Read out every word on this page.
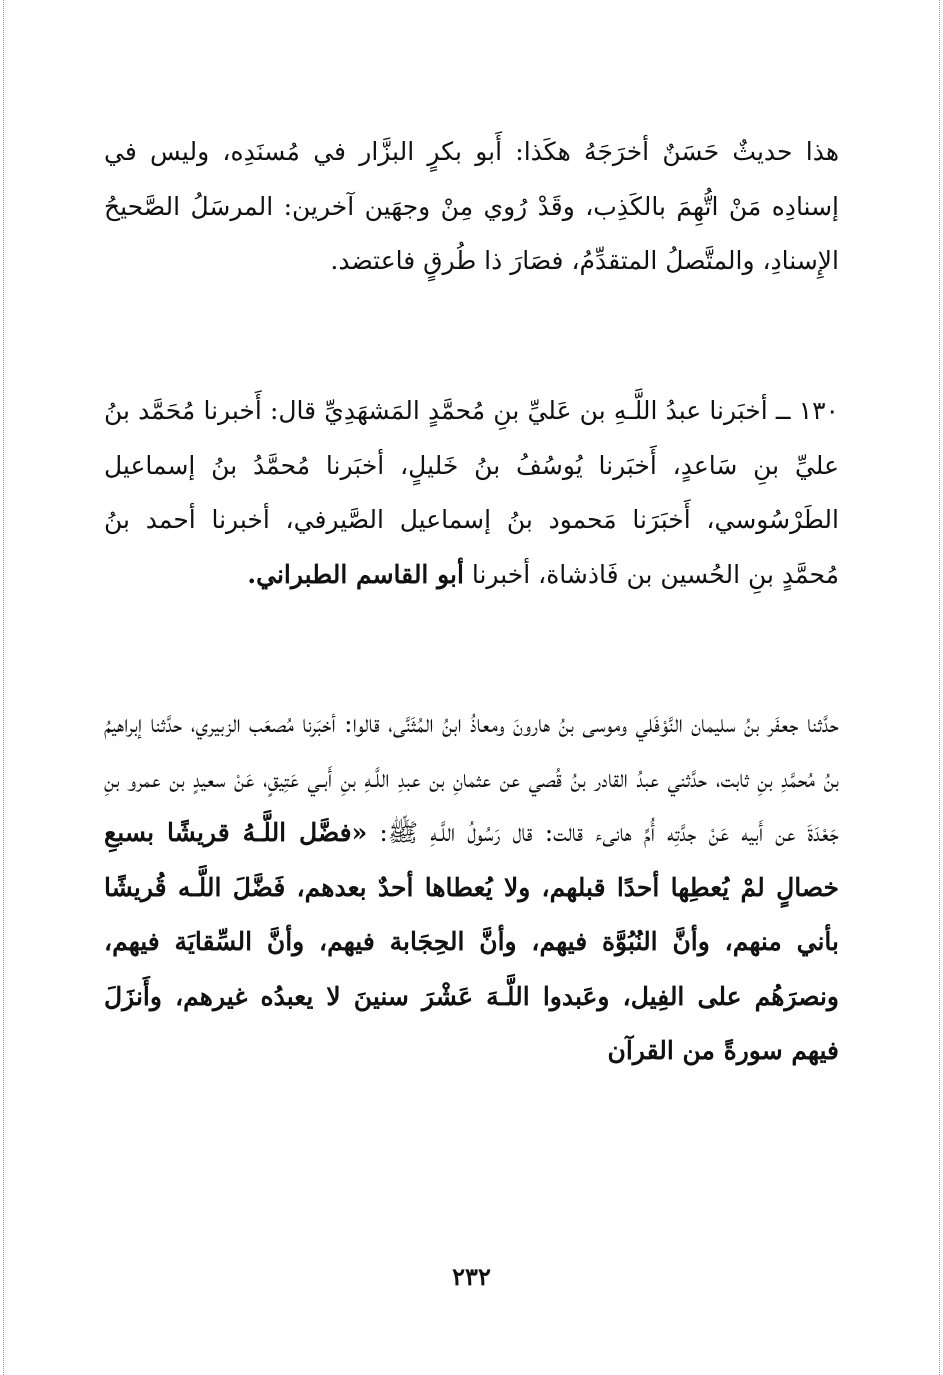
هذا حديثٌ حَسَنٌ أخرَجَهُ هكَذا: أَبو بكرٍ البزَّار في مُسنَدِه، وليس في إسنادِه مَنْ اتُّهِمَ بالكَذِب، وقَدْ رُوي مِنْ وجهَين آخرين: المرسَلُ الصَّحيحُ الإِسنادِ، والمتَّصلُ المتقدِّمُ، فصَارَ ذا طُرقٍ فاعتضد.
١٣٠ ــ أخبَرنا عبدُ اللَّـهِ بن عَليِّ بنِ مُحمَّدٍ المَشهَدِيِّ قال: أَخبرنا مُحَمَّد بنُ عليِّ بنِ سَاعدٍ، أَخبَرنا يُوسُفُ بنُ خَليلٍ، أخبَرنا مُحمَّدُ بنُ إسماعيل الطَرْسُوسي، أَخبَرَنا مَحمود بنُ إسماعيل الصَّيرفي، أخبرنا أحمد بنُ مُحمَّدٍ بنِ الحُسين بن فَاذشاة، أخبرنا أبو القاسم الطبراني.
حدَّثنا جعفَر بنُ سليمان النَّوْفَلي وموسى بنُ هارونَ ومعاذُ ابنُ المُثَنَّى، قالوا: أخبَرنا مُصعَب الزبيري، حدَّثنا إبراهيمُ بنُ مُحمَّدِ بنِ ثابت، حدَّثني عبدُ القادر بنُ قُصي عن عثمانِ بن عبدِ اللَّـهِ بنِ أَبـي عَتِيقٍ، عَنْ سعيدٍ بن عمرو بنِ جَعْدَةَ عن أَبيه عَنْ جدَّتِه أُمِّ هانىء قالت: قال رَسُولُ اللَّـهِ ﷺ: «فضَّل اللَّـهُ قريشًا بسبعِ خصالٍ لمْ يُعطِها أحدًا قبلهم، ولا يُعطاها أحدٌ بعدهم، فَضَّلَ اللَّـه قُريشًا بأني منهم، وأنَّ النُبُوَّة فيهم، وأنَّ الحِجَابة فيهم، وأنَّ السِّقايَة فيهم، ونصرَهُم على الفِيل، وعَبدوا اللَّـهَ عَشْرَ سنينَ لا يعبدُه غيرهم، وأَنزَلَ فيهم سورةً من القرآن
٢٣٢
